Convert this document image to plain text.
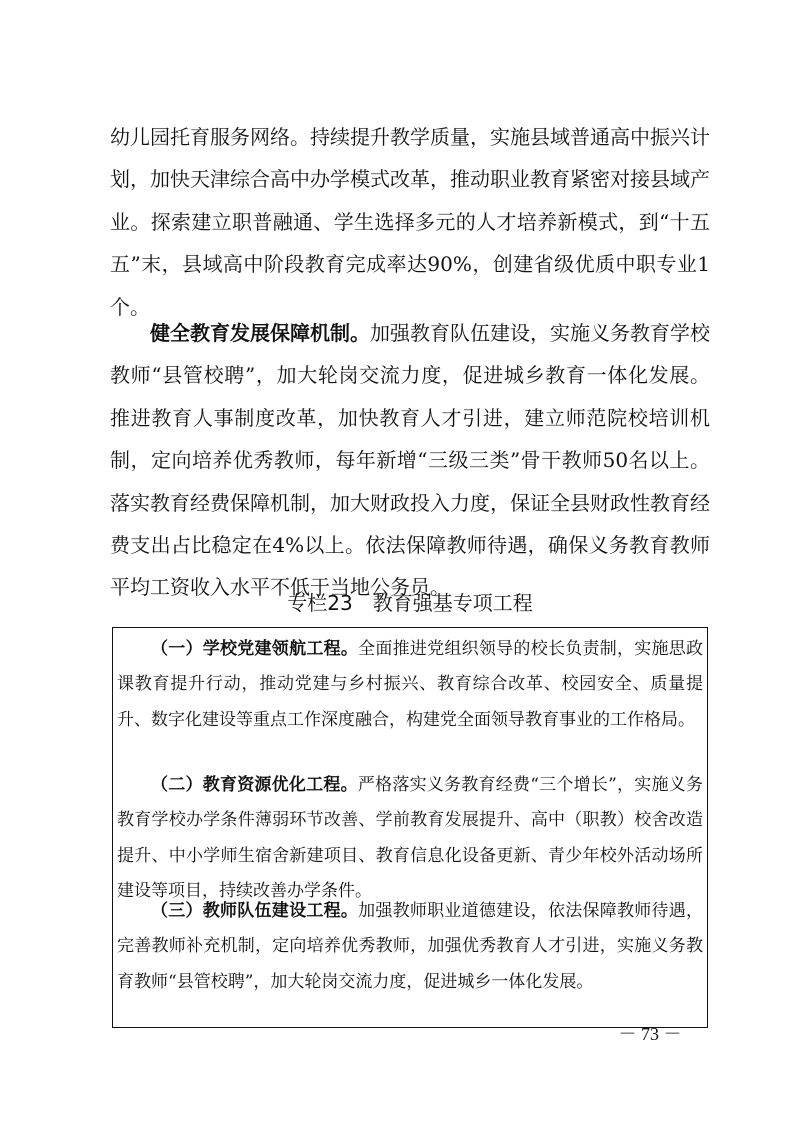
幼儿园托育服务网络。持续提升教学质量，实施县域普通高中振兴计划，加快天津综合高中办学模式改革，推动职业教育紧密对接县域产业。探索建立职普融通、学生选择多元的人才培养新模式，到“十五五”末，县域高中阶段教育完成率达90%，创建省级优质中职专业1个。

健全教育发展保障机制。加强教育队伍建设，实施义务教育学校教师“县管校聘”，加大轮岗交流力度，促进城乡教育一体化发展。推进教育人事制度改革，加快教育人才引进，建立师范院校培训机制，定向培养优秀教师，每年新增“三级三类”骨干教师50名以上。落实教育经费保障机制，加大财政投入力度，保证全县财政性教育经费支出占比稳定在4%以上。依法保障教师待遇，确保义务教育教师平均工资收入水平不低于当地公务员。

专栏23　教育强基专项工程

（一）学校党建领航工程。全面推进党组织领导的校长负责制，实施思政课教育提升行动，推动党建与乡村振兴、教育综合改革、校园安全、质量提升、数字化建设等重点工作深度融合，构建党全面领导教育事业的工作格局。

（二）教育资源优化工程。严格落实义务教育经费“三个增长”，实施义务教育学校办学条件薄弱环节改善、学前教育发展提升、高中（职教）校舍改造提升、中小学师生宿舍新建项目、教育信息化设备更新、青少年校外活动场所建设等项目，持续改善办学条件。

（三）教师队伍建设工程。加强教师职业道德建设，依法保障教师待遇，完善教师补充机制，定向培养优秀教师，加强优秀教育人才引进，实施义务教育教师“县管校聘”，加大轮岗交流力度，促进城乡一体化发展。

－ 73 －
